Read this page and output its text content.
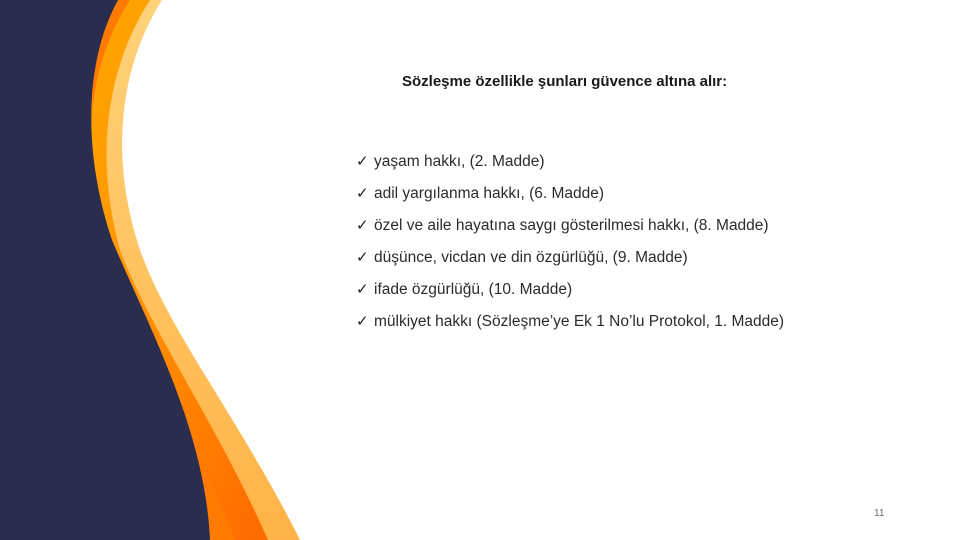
Sözleşme özellikle şunları güvence altına alır:
✓ yaşam hakkı, (2. Madde)
✓ adil yargılanma hakkı, (6. Madde)
✓ özel ve aile hayatına saygı gösterilmesi hakkı, (8. Madde)
✓ düşünce, vicdan ve din özgürlüğü, (9. Madde)
✓ ifade özgürlüğü, (10. Madde)
✓ mülkiyet hakkı (Sözleşme’ye Ek 1 No’lu Protokol, 1. Madde)
11
